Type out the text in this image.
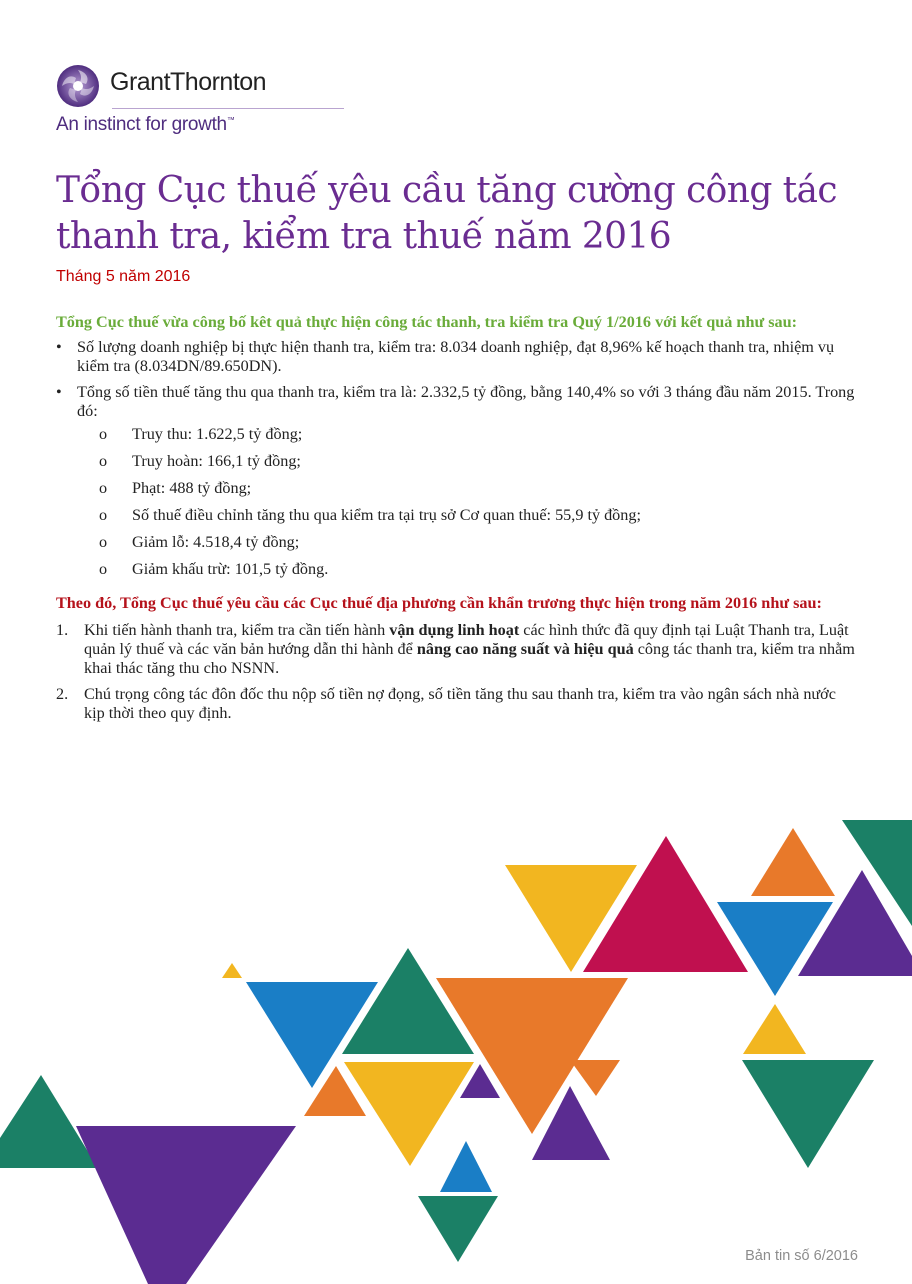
GrantThornton
An instinct for growth™
Tổng Cục thuế yêu cầu tăng cường công tác thanh tra, kiểm tra thuế năm 2016
Tháng 5 năm 2016

Tổng Cục thuế vừa công bố kêt quả thực hiện công tác thanh, tra kiểm tra Quý 1/2016 với kết quả như sau:

• Số lượng doanh nghiệp bị thực hiện thanh tra, kiểm tra: 8.034 doanh nghiệp, đạt 8,96% kế hoạch thanh tra, nhiệm vụ kiểm tra (8.034DN/89.650DN).
• Tổng số tiền thuế tăng thu qua thanh tra, kiểm tra là: 2.332,5 tỷ đồng, bằng 140,4% so với 3 tháng đầu năm 2015. Trong đó:
o Truy thu: 1.622,5 tỷ đồng;
o Truy hoàn: 166,1 tỷ đồng;
o Phạt: 488 tỷ đồng;
o Số thuế điều chỉnh tăng thu qua kiểm tra tại trụ sở Cơ quan thuế: 55,9 tỷ đồng;
o Giảm lỗ: 4.518,4 tỷ đồng;
o Giảm khấu trừ: 101,5 tỷ đồng.

Theo đó, Tổng Cục thuế yêu cầu các Cục thuế địa phương cần khẩn trương thực hiện trong năm 2016 như sau:

1. Khi tiến hành thanh tra, kiểm tra cần tiến hành vận dụng linh hoạt các hình thức đã quy định tại Luật Thanh tra, Luật quản lý thuế và các văn bản hướng dẫn thi hành để nâng cao năng suất và hiệu quả công tác thanh tra, kiểm tra nhằm khai thác tăng thu cho NSNN.
2. Chú trọng công tác đôn đốc thu nộp số tiền nợ đọng, số tiền tăng thu sau thanh tra, kiểm tra vào ngân sách nhà nước kịp thời theo quy định.
Bản tin số 6/2016
